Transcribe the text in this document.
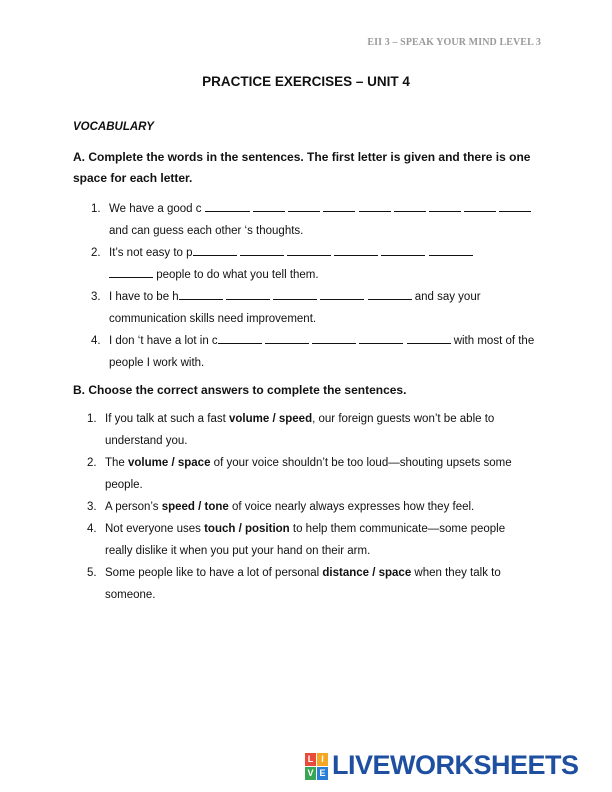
EII 3 – SPEAK YOUR MIND LEVEL 3
PRACTICE EXERCISES – UNIT 4
VOCABULARY
A. Complete the words in the sentences. The first letter is given and there is one space for each letter.
1. We have a good c
and can guess each other ‘s thoughts.
2. It’s not easy to p
people to do what you tell them.
3. I have to be h	and say your communication skills need improvement.
4. I don ‘t have a lot in c	with most of the people I work with.
B. Choose the correct answers to complete the sentences.
1. If you talk at such a fast volume / speed, our foreign guests won’t be able to understand you.
2. The volume / space of your voice shouldn’t be too loud—shouting upsets some people.
3. A person’s speed / tone of voice nearly always expresses how they feel.
4. Not everyone uses touch / position to help them communicate—some people really dislike it when you put your hand on their arm.
5. Some people like to have a lot of personal distance / space when they talk to someone.
L I
V E LIVEWORKSHEETS
